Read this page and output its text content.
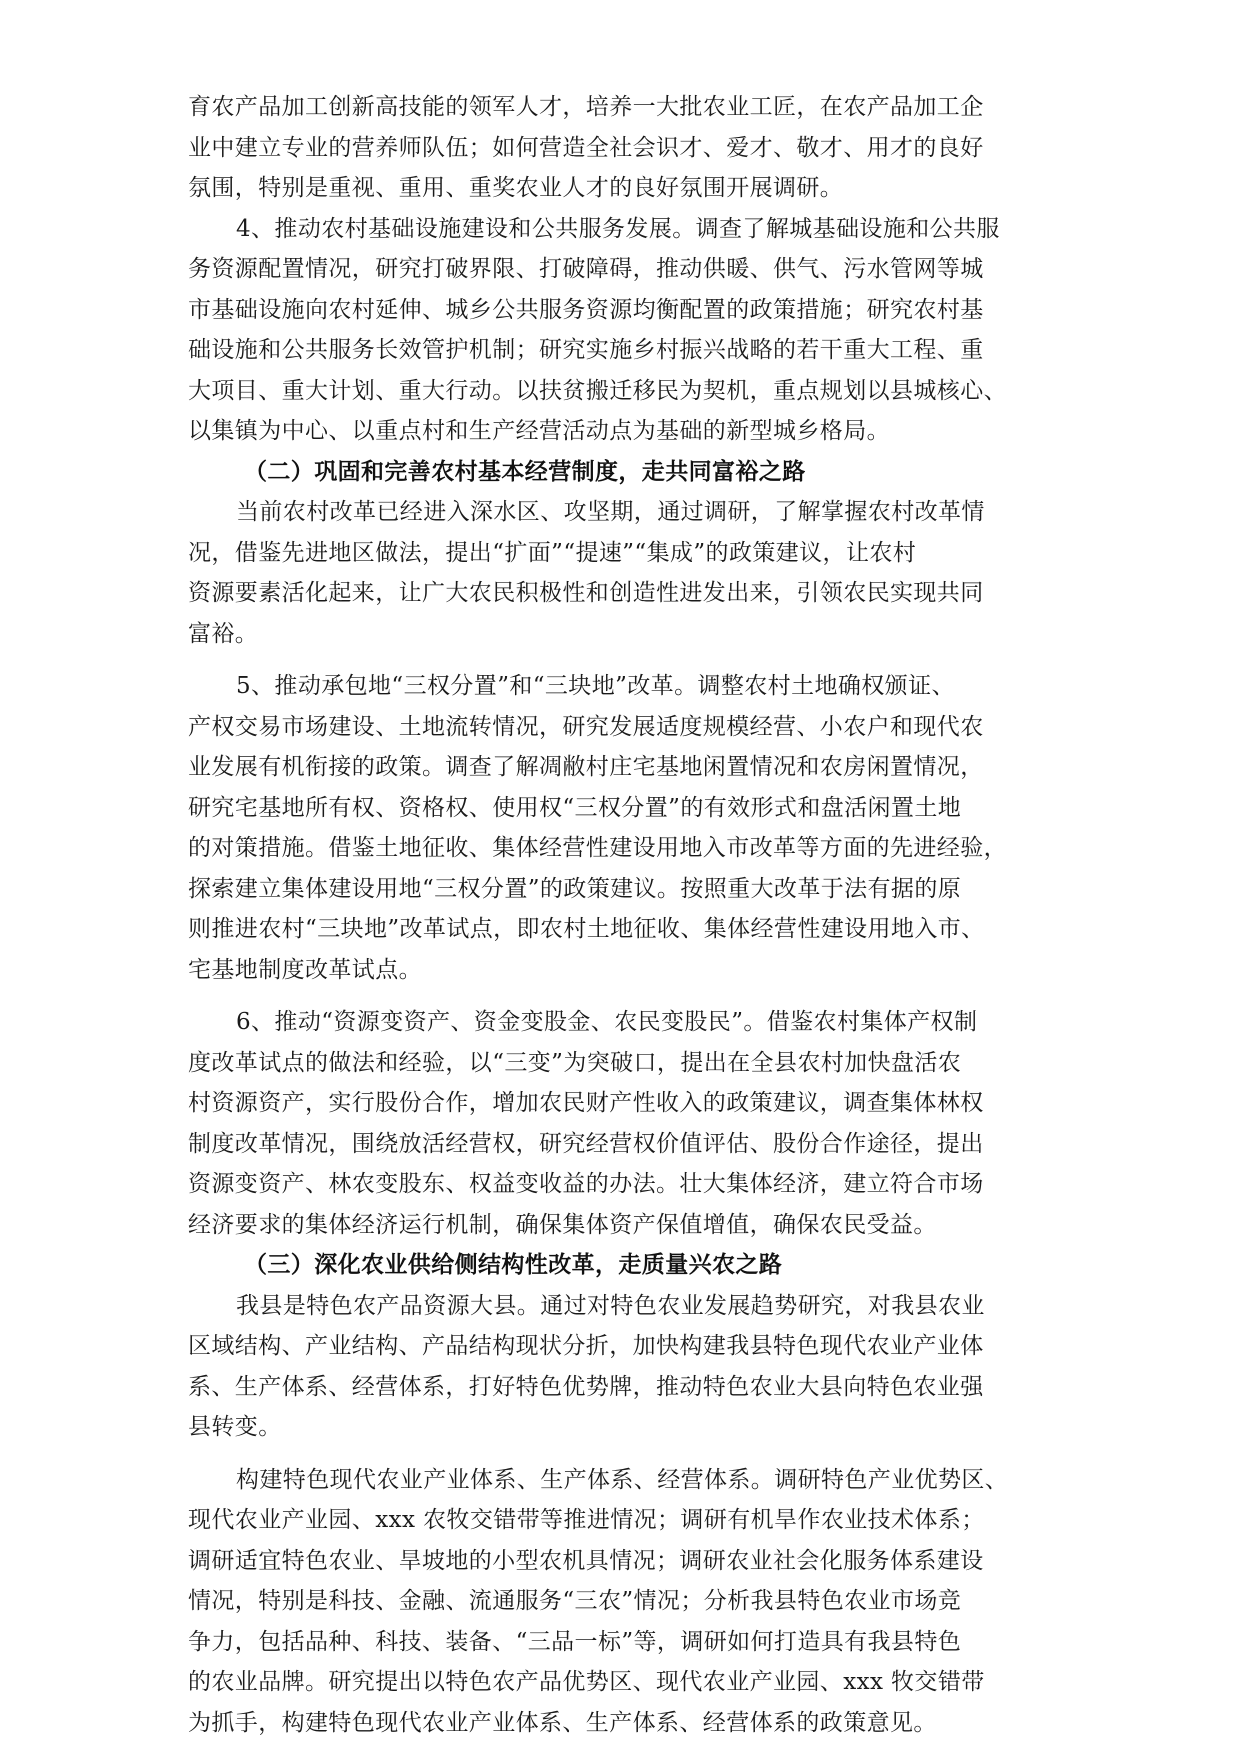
育农产品加工创新高技能的领军人才，培养一大批农业工匠，在农产品加工企
业中建立专业的营养师队伍；如何营造全社会识才、爱才、敬才、用才的良好
氛围，特别是重视、重用、重奖农业人才的良好氛围开展调研。
4、推动农村基础设施建设和公共服务发展。调查了解城基础设施和公共服
务资源配置情况，研究打破界限、打破障碍，推动供暖、供气、污水管网等城
市基础设施向农村延伸、城乡公共服务资源均衡配置的政策措施；研究农村基
础设施和公共服务长效管护机制；研究实施乡村振兴战略的若干重大工程、重
大项目、重大计划、重大行动。以扶贫搬迁移民为契机，重点规划以县城核心、
以集镇为中心、以重点村和生产经营活动点为基础的新型城乡格局。
（二）巩固和完善农村基本经营制度，走共同富裕之路
当前农村改革已经进入深水区、攻坚期，通过调研，了解掌握农村改革情
况，借鉴先进地区做法，提出“扩面”“提速”“集成”的政策建议，让农村
资源要素活化起来，让广大农民积极性和创造性进发出来，引领农民实现共同
富裕。
5、推动承包地“三权分置”和“三块地”改革。调整农村土地确权颁证、
产权交易市场建设、土地流转情况，研究发展适度规模经营、小农户和现代农
业发展有机衔接的政策。调查了解凋敝村庄宅基地闲置情况和农房闲置情况，
研究宅基地所有权、资格权、使用权“三权分置”的有效形式和盘活闲置土地
的对策措施。借鉴土地征收、集体经营性建设用地入市改革等方面的先进经验，
探索建立集体建设用地“三权分置”的政策建议。按照重大改革于法有据的原
则推进农村“三块地”改革试点，即农村土地征收、集体经营性建设用地入市、
宅基地制度改革试点。
6、推动“资源变资产、资金变股金、农民变股民”。借鉴农村集体产权制
度改革试点的做法和经验，以“三变”为突破口，提出在全县农村加快盘活农
村资源资产，实行股份合作，增加农民财产性收入的政策建议，调查集体林权
制度改革情况，围绕放活经营权，研究经营权价值评估、股份合作途径，提出
资源变资产、林农变股东、权益变收益的办法。壮大集体经济，建立符合市场
经济要求的集体经济运行机制，确保集体资产保值增值，确保农民受益。
（三）深化农业供给侧结构性改革，走质量兴农之路
我县是特色农产品资源大县。通过对特色农业发展趋势研究，对我县农业
区域结构、产业结构、产品结构现状分折，加快构建我县特色现代农业产业体
系、生产体系、经营体系，打好特色优势牌，推动特色农业大县向特色农业强
县转变。
构建特色现代农业产业体系、生产体系、经营体系。调研特色产业优势区、
现代农业产业园、xxx 农牧交错带等推进情况；调研有机旱作农业技术体系；
调研适宜特色农业、旱坡地的小型农机具情况；调研农业社会化服务体系建设
情况，特别是科技、金融、流通服务“三农”情况；分析我县特色农业市场竞
争力，包括品种、科技、装备、“三品一标”等，调研如何打造具有我县特色
的农业品牌。研究提出以特色农产品优势区、现代农业产业园、xxx 牧交错带
为抓手，构建特色现代农业产业体系、生产体系、经营体系的政策意见。
